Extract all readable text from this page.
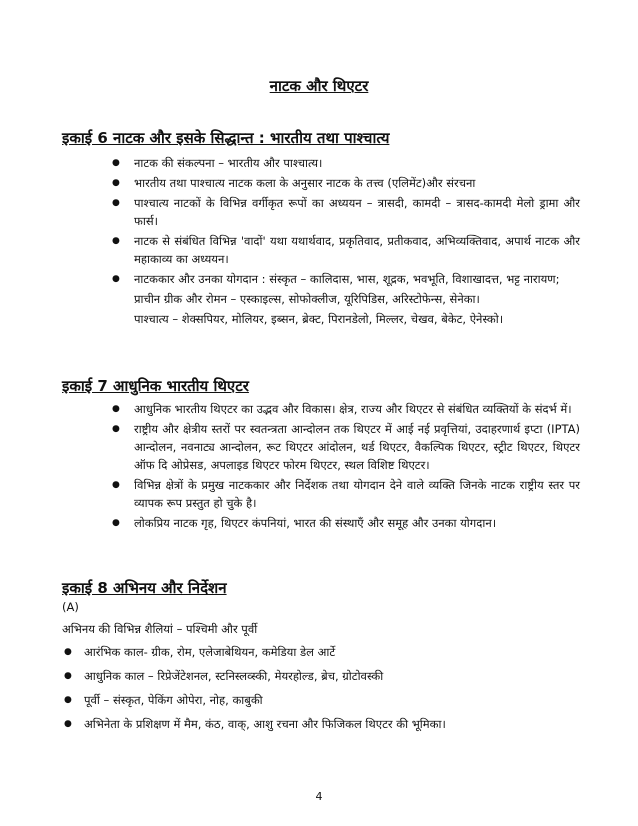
नाटक और थिएटर
इकाई 6 नाटक और इसके सिद्धान्त : भारतीय तथा पाश्चात्य
● नाटक की संकल्पना – भारतीय और पाश्चात्य।
● भारतीय तथा पाश्चात्य नाटक कला के अनुसार नाटक के तत्त्व (एलिमेंट)और संरचना
● पाश्चात्य नाटकों के विभिन्न वर्गीकृत रूपों का अध्ययन – त्रासदी, कामदी – त्रासद-कामदी मेलो ड्रामा और फार्स।
● नाटक से संबंधित विभिन्न 'वादों' यथा यथार्थवाद, प्रकृतिवाद, प्रतीकवाद, अभिव्यक्तिवाद, अपार्थ नाटक और महाकाव्य का अध्ययन।
● नाटककार और उनका योगदान : संस्कृत – कालिदास, भास, शूद्रक, भवभूति, विशाखादत्त, भट्ट नारायण;
प्राचीन ग्रीक और रोमन – एस्काइल्स, सोफोक्लीज, यूरिपिडिस, अरिस्टोफेन्स, सेनेका।
पाश्चात्य – शेक्सपियर, मोलियर, इब्सन, ब्रेक्ट, पिरानडेलो, मिल्लर, चेखव, बेकेट, ऐनेस्को।
इकाई 7 आधुनिक भारतीय थिएटर
● आधुनिक भारतीय थिएटर का उद्भव और विकास। क्षेत्र, राज्य और थिएटर से संबंधित व्यक्तियों के संदर्भ में।
● राष्ट्रीय और क्षेत्रीय स्तरों पर स्वतन्त्रता आन्दोलन तक थिएटर में आई नई प्रवृत्तियां, उदाहरणार्थ इप्टा (IPTA) आन्दोलन, नवनाट्य आन्दोलन, रूट थिएटर आंदोलन, थर्ड थिएटर, वैकल्पिक थिएटर, स्ट्रीट थिएटर, थिएटर ऑफ दि ओप्रेसड, अपलाइड थिएटर फोरम थिएटर, स्थल विशिष्ट थिएटर।
● विभिन्न क्षेत्रों के प्रमुख नाटककार और निर्देशक तथा योगदान देने वाले व्यक्ति जिनके नाटक राष्ट्रीय स्तर पर व्यापक रूप प्रस्तुत हो चुके है।
● लोकप्रिय नाटक गृह, थिएटर कंपनियां, भारत की संस्थाएँ और समूह और उनका योगदान।
इकाई 8 अभिनय और निर्देशन
(A)
अभिनय की विभिन्न शैलियां – पश्चिमी और पूर्वी
● आरंभिक काल- ग्रीक, रोम, एलेजाबेथियन, कमेडिया डेल आर्टे
● आधुनिक काल – रिप्रेजेंटेशनल, स्टनिस्लव्स्की, मेयरहोल्ड, ब्रेच, ग्रोटोवस्की
● पूर्वी – संस्कृत, पेकिंग ओपेरा, नोह, काबुकी
● अभिनेता के प्रशिक्षण में मैम, कंठ, वाक्, आशु रचना और फिजिकल थिएटर की भूमिका।
4
